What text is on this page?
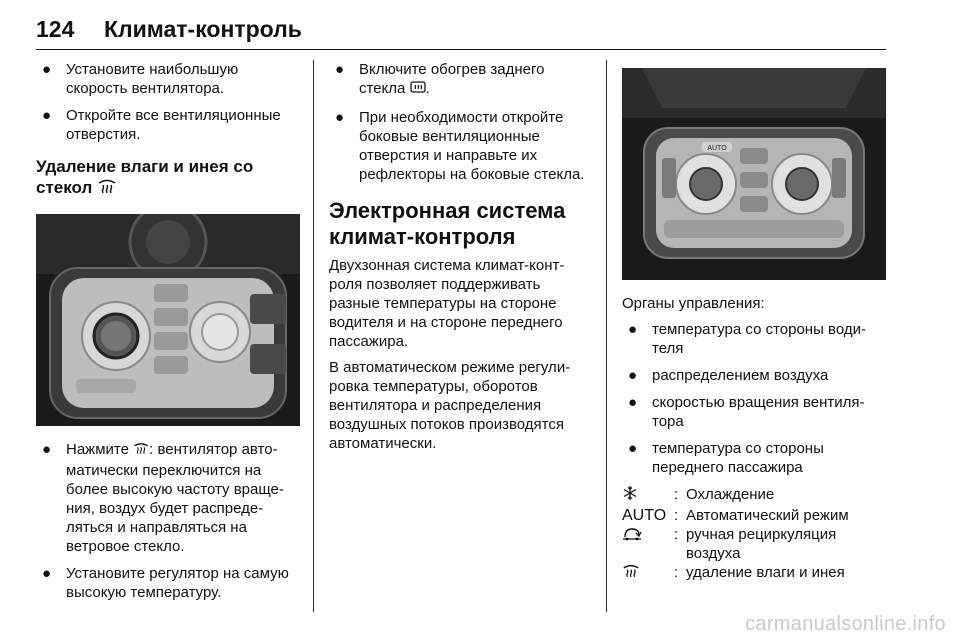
124 Климат-контроль
● Установите наибольшую скорость вентилятора.
● Откройте все вентиляционные отверстия.
Удаление влаги и инея со стекол
● Нажмите : вентилятор авто-матически переключится на более высокую частоту враще-ния, воздух будет распреде-ляться и направляться на ветровое стекло.
● Установите регулятор на самую высокую температуру.
● Включите обогрев заднего стекла .
● При необходимости откройте боковые вентиляционные отверстия и направьте их рефлекторы на боковые стекла.
Электронная система климат-контроля
Двухзонная система климат-конт-роля позволяет поддерживать разные температуры на стороне водителя и на стороне переднего пассажира.
В автоматическом режиме регули-ровка температуры, оборотов вентилятора и распределения воздушных потоков производятся автоматически.
AUTO
Органы управления:
● температура со стороны води-теля
● распределением воздуха
● скоростью вращения вентиля-тора
● температура со стороны переднего пассажира
: Охлаждение
AUTO : Автоматический режим
: ручная рециркуляция воздуха
: удаление влаги и инея
carmanualsonline.info
